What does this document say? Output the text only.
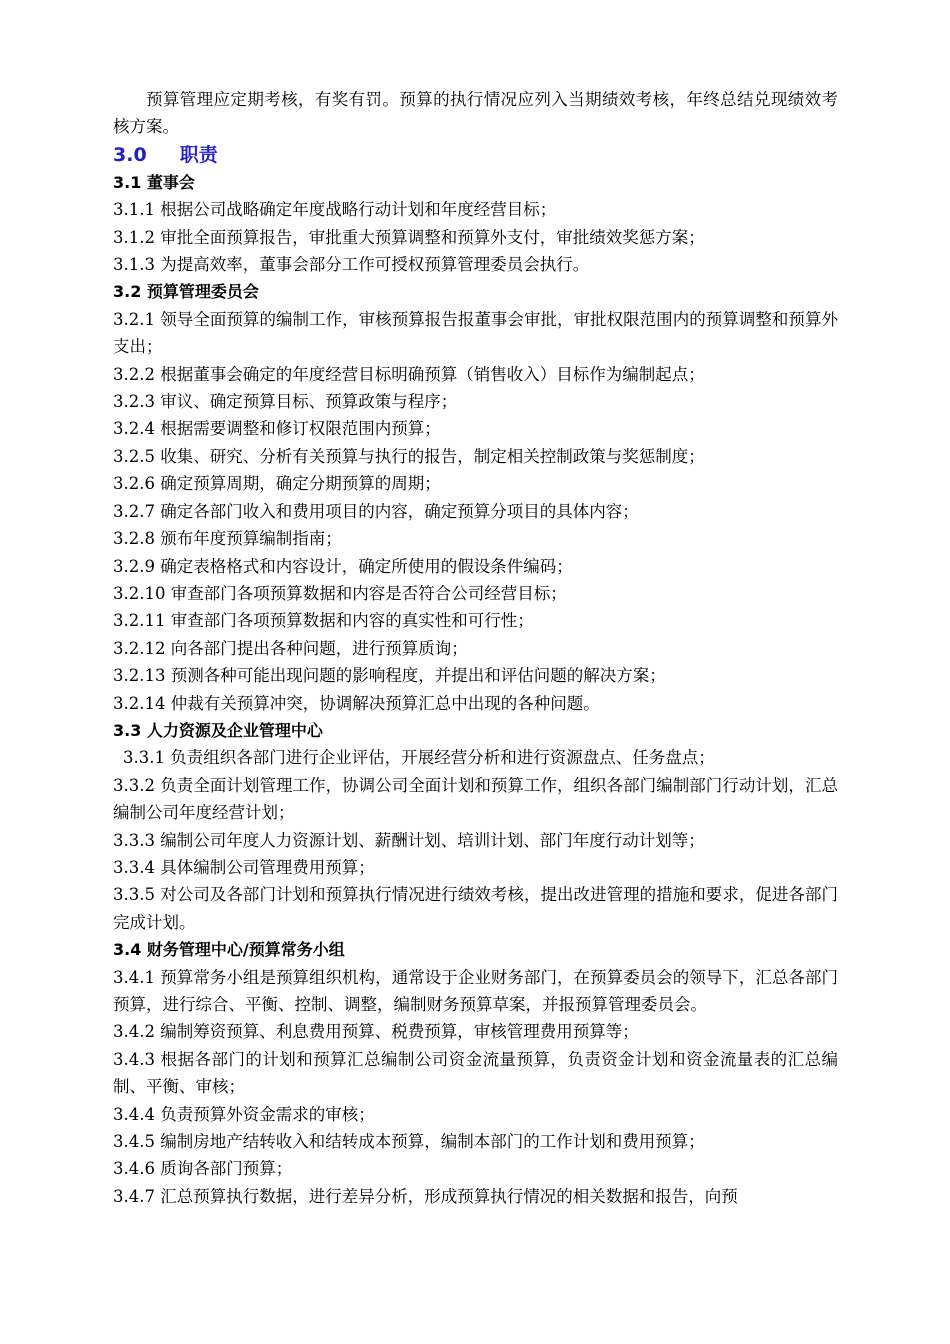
预算管理应定期考核，有奖有罚。预算的执行情况应列入当期绩效考核，年终总结兑现绩效考核方案。

3.0 职责
3.1 董事会

3.1.1 根据公司战略确定年度战略行动计划和年度经营目标；

3.1.2 审批全面预算报告，审批重大预算调整和预算外支付，审批绩效奖惩方案；

3.1.3 为提高效率，董事会部分工作可授权预算管理委员会执行。

3.2 预算管理委员会

3.2.1 领导全面预算的编制工作，审核预算报告报董事会审批，审批权限范围内的预算调整和预算外支出；

3.2.2 根据董事会确定的年度经营目标明确预算（销售收入）目标作为编制起点；

3.2.3 审议、确定预算目标、预算政策与程序；

3.2.4 根据需要调整和修订权限范围内预算；

3.2.5 收集、研究、分析有关预算与执行的报告，制定相关控制政策与奖惩制度；

3.2.6 确定预算周期，确定分期预算的周期；

3.2.7 确定各部门收入和费用项目的内容，确定预算分项目的具体内容；

3.2.8 颁布年度预算编制指南；

3.2.9 确定表格格式和内容设计，确定所使用的假设条件编码；

3.2.10 审查部门各项预算数据和内容是否符合公司经营目标；

3.2.11 审查部门各项预算数据和内容的真实性和可行性；

3.2.12 向各部门提出各种问题，进行预算质询；

3.2.13 预测各种可能出现问题的影响程度，并提出和评估问题的解决方案；

3.2.14 仲裁有关预算冲突，协调解决预算汇总中出现的各种问题。

3.3 人力资源及企业管理中心

3.3.1 负责组织各部门进行企业评估，开展经营分析和进行资源盘点、任务盘点；

3.3.2 负责全面计划管理工作，协调公司全面计划和预算工作，组织各部门编制部门行动计划，汇总编制公司年度经营计划；

3.3.3 编制公司年度人力资源计划、薪酬计划、培训计划、部门年度行动计划等；

3.3.4 具体编制公司管理费用预算；

3.3.5 对公司及各部门计划和预算执行情况进行绩效考核，提出改进管理的措施和要求，促进各部门完成计划。

3.4 财务管理中心/预算常务小组

3.4.1 预算常务小组是预算组织机构，通常设于企业财务部门，在预算委员会的领导下，汇总各部门预算，进行综合、平衡、控制、调整，编制财务预算草案，并报预算管理委员会。

3.4.2 编制筹资预算、利息费用预算、税费预算，审核管理费用预算等；

3.4.3 根据各部门的计划和预算汇总编制公司资金流量预算，负责资金计划和资金流量表的汇总编制、平衡、审核；

3.4.4 负责预算外资金需求的审核；

3.4.5 编制房地产结转收入和结转成本预算，编制本部门的工作计划和费用预算；

3.4.6 质询各部门预算；

3.4.7 汇总预算执行数据，进行差异分析，形成预算执行情况的相关数据和报告，向预
